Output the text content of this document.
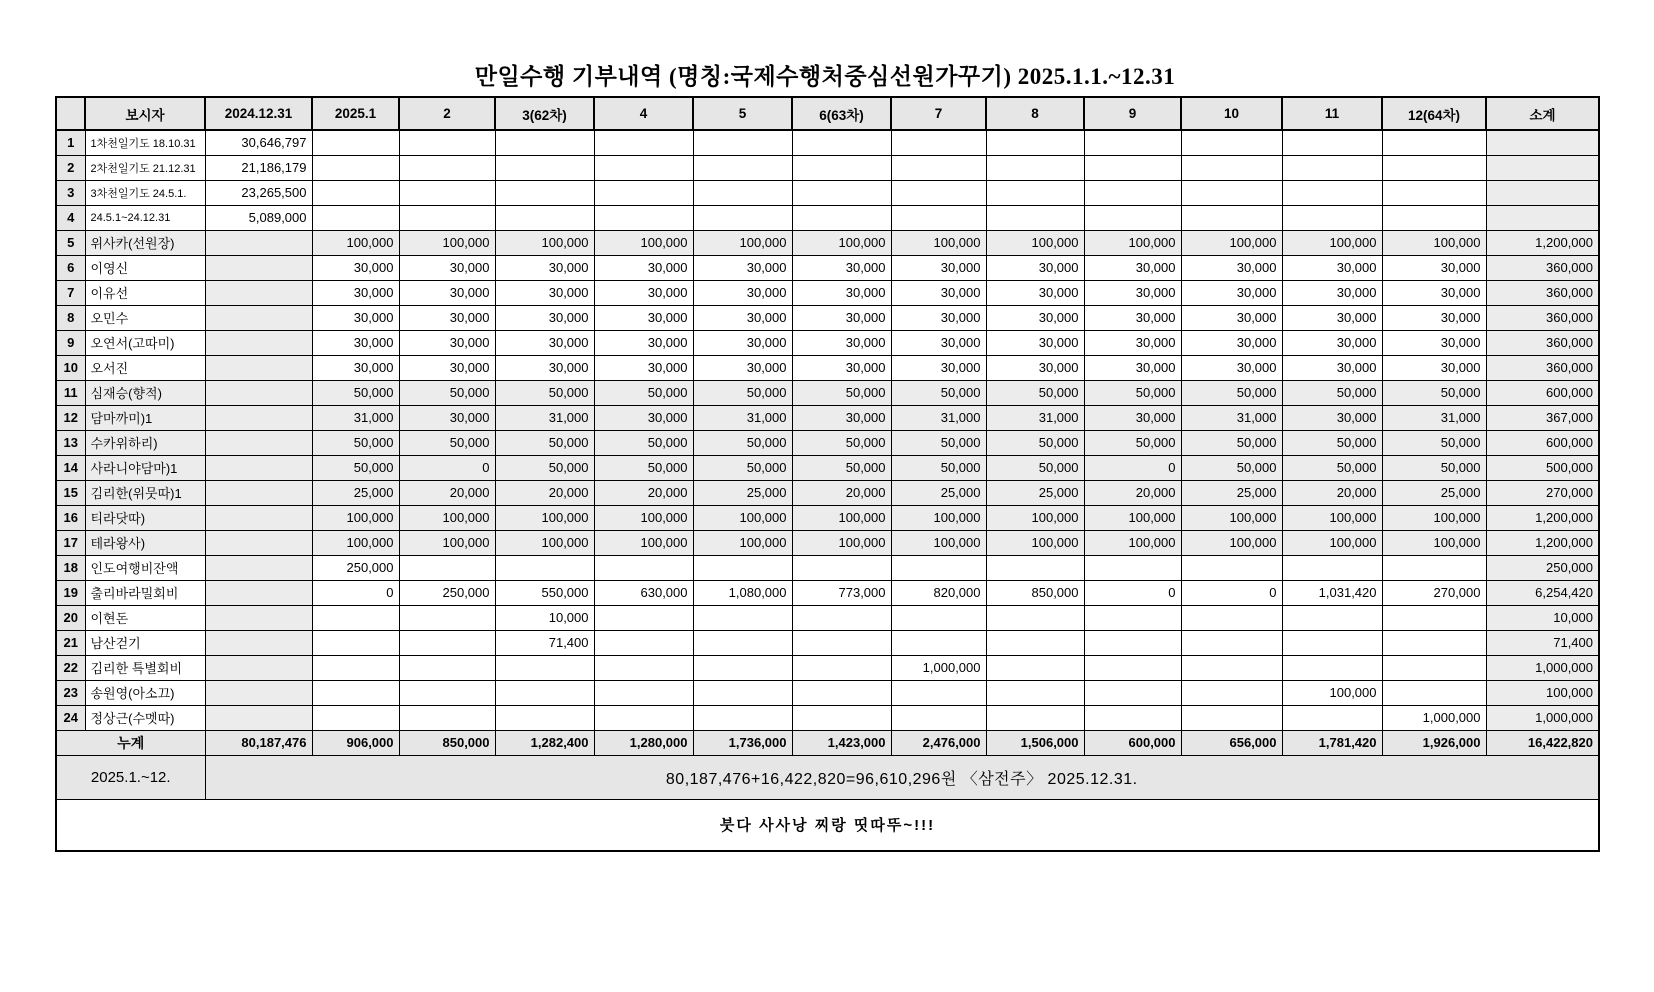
만일수행 기부내역 (명칭:국제수행처중심선원가꾸기) 2025.1.1.~12.31
	보시자	2024.12.31	2025.1	2	3(62차)	4	5	6(63차)	7	8	9	10	11	12(64차)	소계
1	1차천일기도 18.10.31	30,646,797													
2	2차천일기도 21.12.31	21,186,179													
3	3차천일기도 24.5.1.	23,265,500													
4	24.5.1~24.12.31	5,089,000													
5	위사카(선원장)		100,000	100,000	100,000	100,000	100,000	100,000	100,000	100,000	100,000	100,000	100,000	100,000	1,200,000
6	이영신		30,000	30,000	30,000	30,000	30,000	30,000	30,000	30,000	30,000	30,000	30,000	30,000	360,000
7	이유선		30,000	30,000	30,000	30,000	30,000	30,000	30,000	30,000	30,000	30,000	30,000	30,000	360,000
8	오민수		30,000	30,000	30,000	30,000	30,000	30,000	30,000	30,000	30,000	30,000	30,000	30,000	360,000
9	오연서(고따미)		30,000	30,000	30,000	30,000	30,000	30,000	30,000	30,000	30,000	30,000	30,000	30,000	360,000
10	오서진		30,000	30,000	30,000	30,000	30,000	30,000	30,000	30,000	30,000	30,000	30,000	30,000	360,000
11	심재승(향적)		50,000	50,000	50,000	50,000	50,000	50,000	50,000	50,000	50,000	50,000	50,000	50,000	600,000
12	담마까미)1		31,000	30,000	31,000	30,000	31,000	30,000	31,000	31,000	30,000	31,000	30,000	31,000	367,000
13	수카위하리)		50,000	50,000	50,000	50,000	50,000	50,000	50,000	50,000	50,000	50,000	50,000	50,000	600,000
14	사라니야담마)1		50,000	0	50,000	50,000	50,000	50,000	50,000	50,000	0	50,000	50,000	50,000	500,000
15	김리한(위뭇따)1		25,000	20,000	20,000	20,000	25,000	20,000	25,000	25,000	20,000	25,000	20,000	25,000	270,000
16	티라닷따)		100,000	100,000	100,000	100,000	100,000	100,000	100,000	100,000	100,000	100,000	100,000	100,000	1,200,000
17	테라왕사)		100,000	100,000	100,000	100,000	100,000	100,000	100,000	100,000	100,000	100,000	100,000	100,000	1,200,000
18	인도여행비잔액		250,000												250,000
19	출리바라밀회비		0	250,000	550,000	630,000	1,080,000	773,000	820,000	850,000	0	0	1,031,420	270,000	6,254,420
20	이현돈				10,000										10,000
21	남산걷기				71,400										71,400
22	김리한 특별회비								1,000,000						1,000,000
23	송원영(아소끄)												100,000		100,000
24	정상근(수멧따)													1,000,000	1,000,000
누계		80,187,476	906,000	850,000	1,282,400	1,280,000	1,736,000	1,423,000	2,476,000	1,506,000	600,000	656,000	1,781,420	1,926,000	16,422,820
2025.1.~12.		80,187,476+16,422,820=96,610,296원 〈삼전주〉 2025.12.31.													
붓다 사사낭 찌랑 띳따뚜~!!!															
